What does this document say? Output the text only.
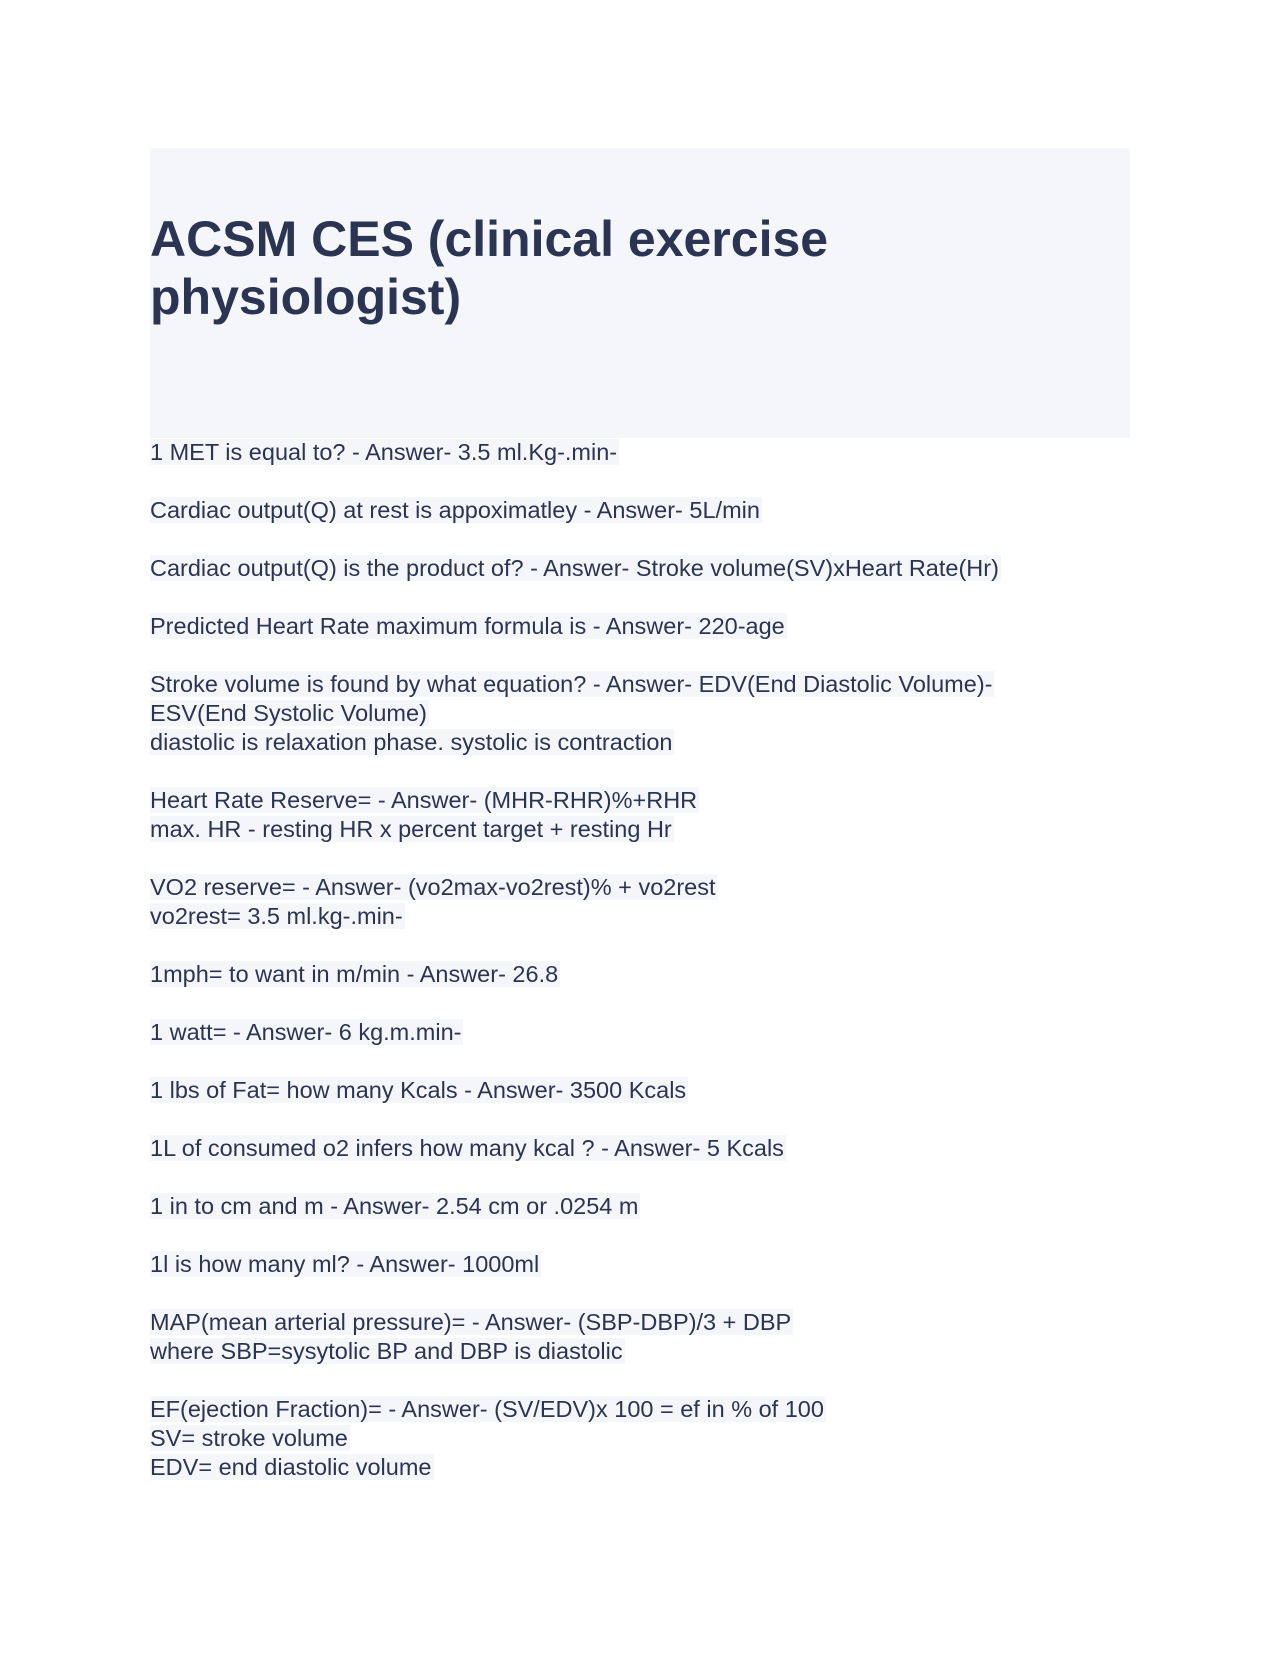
ACSM CES (clinical exercise physiologist)
1 MET is equal to? - Answer- 3.5 ml.Kg-.min-
Cardiac output(Q) at rest is appoximatley - Answer- 5L/min
Cardiac output(Q) is the product of? - Answer- Stroke volume(SV)xHeart Rate(Hr)
Predicted Heart Rate maximum formula is - Answer- 220-age
Stroke volume is found by what equation? - Answer- EDV(End Diastolic Volume)-
ESV(End Systolic Volume)
diastolic is relaxation phase. systolic is contraction
Heart Rate Reserve= - Answer- (MHR-RHR)%+RHR
max. HR - resting HR x percent target + resting Hr
VO2 reserve= - Answer- (vo2max-vo2rest)% + vo2rest
vo2rest= 3.5 ml.kg-.min-
1mph= to want in m/min - Answer- 26.8
1 watt= - Answer- 6 kg.m.min-
1 lbs of Fat= how many Kcals - Answer- 3500 Kcals
1L of consumed o2 infers how many kcal ? - Answer- 5 Kcals
1 in to cm and m - Answer- 2.54 cm or .0254 m
1l is how many ml? - Answer- 1000ml
MAP(mean arterial pressure)= - Answer- (SBP-DBP)/3 + DBP
where SBP=sysytolic BP and DBP is diastolic
EF(ejection Fraction)= - Answer- (SV/EDV)x 100 = ef in % of 100
SV= stroke volume
EDV= end diastolic volume
